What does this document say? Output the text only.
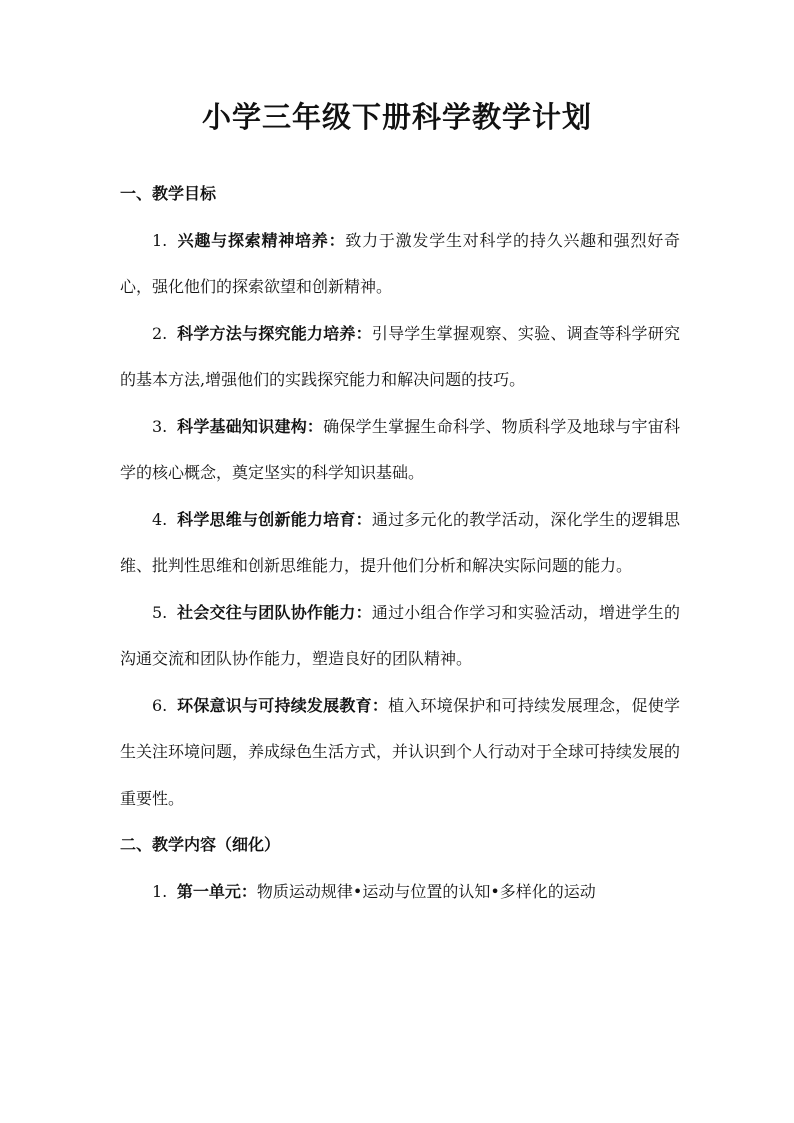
小学三年级下册科学教学计划
一、教学目标

1. 兴趣与探索精神培养：致力于激发学生对科学的持久兴趣和强烈好奇心，强化他们的探索欲望和创新精神。

2. 科学方法与探究能力培养：引导学生掌握观察、实验、调查等科学研究的基本方法,增强他们的实践探究能力和解决问题的技巧。

3. 科学基础知识建构：确保学生掌握生命科学、物质科学及地球与宇宙科学的核心概念，奠定坚实的科学知识基础。

4. 科学思维与创新能力培育：通过多元化的教学活动，深化学生的逻辑思维、批判性思维和创新思维能力，提升他们分析和解决实际问题的能力。

5. 社会交往与团队协作能力：通过小组合作学习和实验活动，增进学生的沟通交流和团队协作能力，塑造良好的团队精神。

6. 环保意识与可持续发展教育：植入环境保护和可持续发展理念，促使学生关注环境问题，养成绿色生活方式，并认识到个人行动对于全球可持续发展的重要性。

二、教学内容（细化）

1. 第一单元：物质运动规律•运动与位置的认知•多样化的运动
